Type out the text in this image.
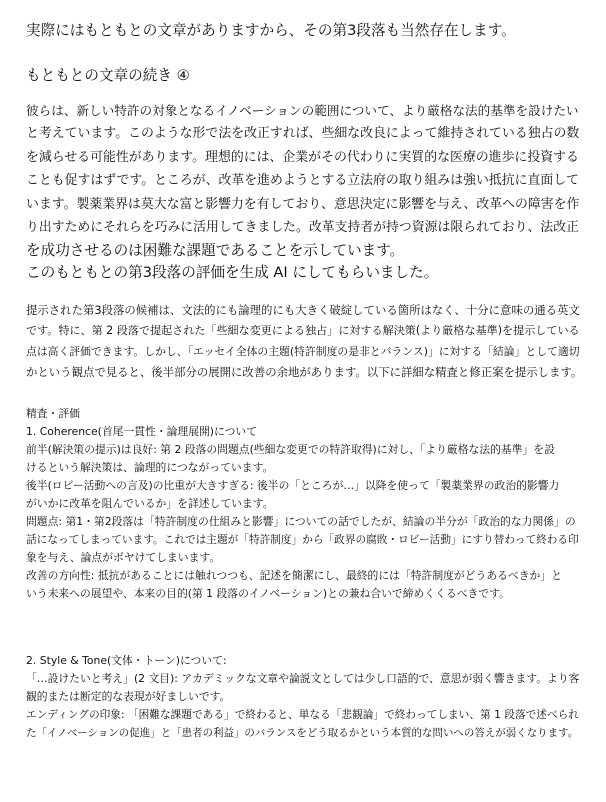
実際にはもともとの文章がありますから、その第3段落も当然存在します。
もともとの文章の続き ④
彼らは、新しい特許の対象となるイノベーションの範囲について、より厳格な法的基準を設けたい
と考えています。このような形で法を改正すれば、些細な改良によって維持されている独占の数
を減らせる可能性があります。理想的には、企業がその代わりに実質的な医療の進歩に投資する
ことも促すはずです。ところが、改革を進めようとする立法府の取り組みは強い抵抗に直面して
います。製薬業界は莫大な富と影響力を有しており、意思決定に影響を与え、改革への障害を作
り出すためにそれらを巧みに活用してきました。改革支持者が持つ資源は限られており、法改正
を成功させるのは困難な課題であることを示しています。
このもともとの第3段落の評価を生成 AI にしてもらいました。
提示された第3段落の候補は、文法的にも論理的にも大きく破綻している箇所はなく、十分に意味の通る英文
です。特に、第 2 段落で提起された「些細な変更による独占」に対する解決策(より厳格な基準)を提示している
点は高く評価できます。しかし、「エッセイ全体の主題(特許制度の是非とバランス)」に対する「結論」として適切
かという観点で見ると、後半部分の展開に改善の余地があります。以下に詳細な精査と修正案を提示します。
精査・評価
1. Coherence(首尾一貫性・論理展開)について
前半(解決策の提示)は良好: 第 2 段落の問題点(些細な変更での特許取得)に対し、「より厳格な法的基準」を設
けるという解決策は、論理的につながっています。
後半(ロビー活動への言及)の比重が大きすぎる: 後半の「ところが…」以降を使って「製薬業界の政治的影響力
がいかに改革を阻んでいるか」を詳述しています。
問題点: 第1・第2段落は「特許制度の仕組みと影響」についての話でしたが、結論の半分が「政治的な力関係」の
話になってしまっています。これでは主題が「特許制度」から「政界の腐敗・ロビー活動」にすり替わって終わる印
象を与え、論点がボヤけてしまいます。
改善の方向性: 抵抗があることには触れつつも、記述を簡潔にし、最終的には「特許制度がどうあるべきか」と
いう未来への展望や、本来の目的(第 1 段落のイノベーション)との兼ね合いで締めくくるべきです。
2. Style & Tone(文体・トーン)について:
「…設けたいと考え」(2 文目): アカデミックな文章や論説文としては少し口語的で、意思が弱く響きます。より客
観的または断定的な表現が好ましいです。
エンディングの印象: 「困難な課題である」で終わると、単なる「悲観論」で終わってしまい、第 1 段落で述べられ
た「イノベーションの促進」と「患者の利益」のバランスをどう取るかという本質的な問いへの答えが弱くなります。
